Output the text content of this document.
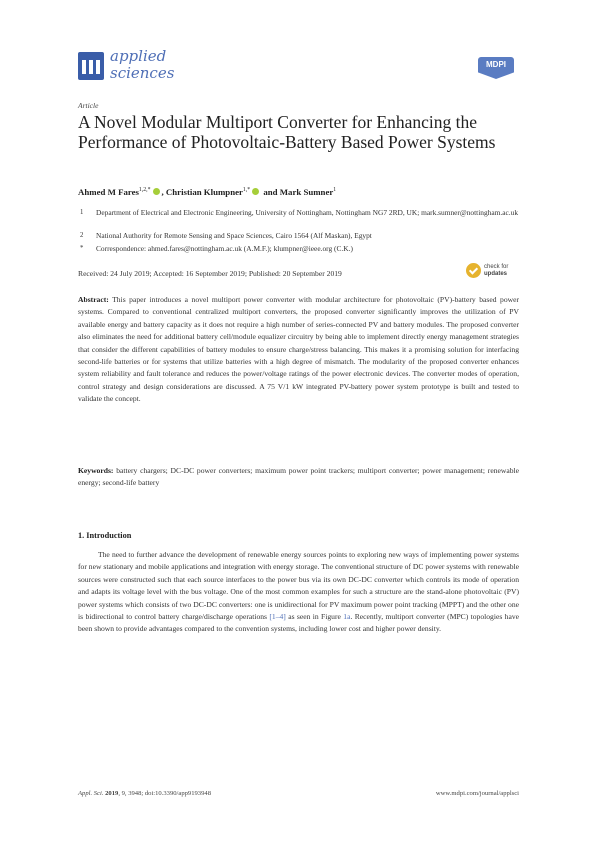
applied
sciences	MDPI
Article
A Novel Modular Multiport Converter for Enhancing the Performance of Photovoltaic-Battery Based Power Systems
Ahmed M Fares$^{1,2,*}$ , Christian Klumpner$^{1,*}$ and Mark Sumner$^1$
1 Department of Electrical and Electronic Engineering, University of Nottingham, Nottingham NG7 2RD, UK; mark.sumner@nottingham.ac.uk
2 National Authority for Remote Sensing and Space Sciences, Cairo 1564 (Alf Maskan), Egypt
* Correspondence: ahmed.fares@nottingham.ac.uk (A.M.F.); klumpner@ieee.org (C.K.)
Received: 24 July 2019; Accepted: 16 September 2019; Published: 20 September 2019
check for
updates
Abstract: This paper introduces a novel multiport power converter with modular architecture for photovoltaic (PV)-battery based power systems. Compared to conventional centralized multiport converters, the proposed converter significantly improves the utilization of PV available energy and battery capacity as it does not require a high number of series-connected PV and battery modules. The proposed converter also eliminates the need for additional battery cell/module equalizer circuitry by being able to implement directly energy management strategies that consider the different capabilities of battery modules to ensure charge/stress balancing. This makes it a promising solution for interfacing second-life batteries or for systems that utilize batteries with a high degree of mismatch. The modularity of the proposed converter enhances system reliability and fault tolerance and reduces the power/voltage ratings of the power electronic devices. The converter modes of operation, control strategy and design considerations are discussed. A 75 V/1 kW integrated PV-battery power system prototype is built and tested to validate the concept.
Keywords: battery chargers; DC-DC power converters; maximum power point trackers; multiport converter; power management; renewable energy; second-life battery
1. Introduction
The need to further advance the development of renewable energy sources points to exploring new ways of implementing power systems for new stationary and mobile applications and integration with energy storage. The conventional structure of DC power systems with renewable sources were constructed such that each source interfaces to the power bus via its own DC-DC converter which controls its mode of operation and adapts its voltage level with the bus voltage. One of the most common examples for such a structure are the stand-alone photovoltaic (PV) power systems which consists of two DC-DC converters: one is unidirectional for PV maximum power point tracking (MPPT) and the other one is bidirectional to control battery charge/discharge operations [1–4] as seen in Figure 1a. Recently, multiport converter (MPC) topologies have been shown to provide advantages compared to the convention systems, including lower cost and higher power density.
Appl. Sci. 2019, 9, 3948; doi:10.3390/app9193948	www.mdpi.com/journal/applsci
